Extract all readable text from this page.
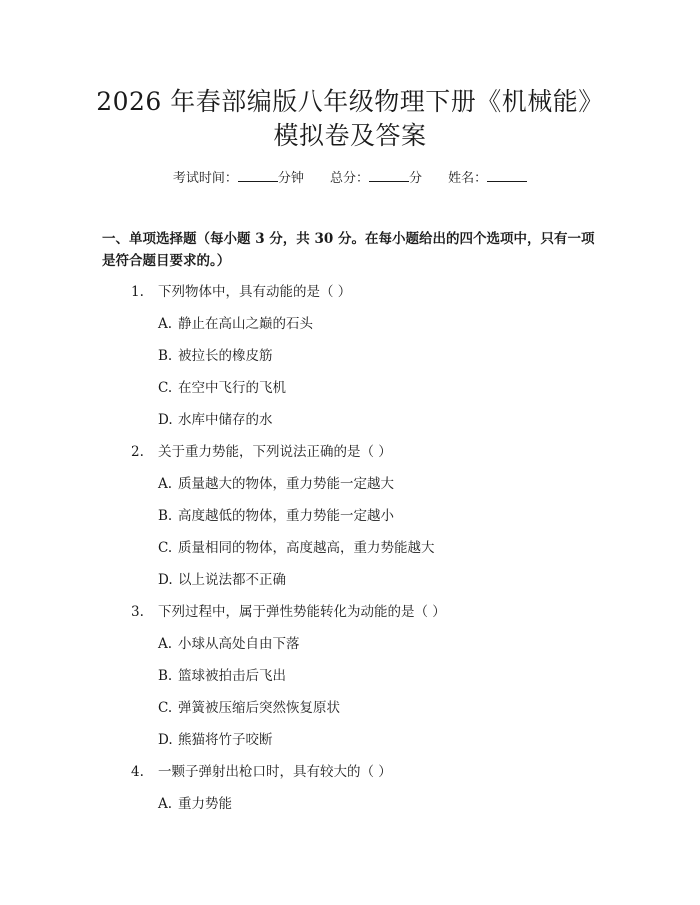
2026 年春部编版八年级物理下册《机械能》
模拟卷及答案
考试时间：	分钟 总分：	分 姓名：
一、单项选择题（每小题 3 分，共 30 分。在每小题给出的四个选项中，只有一项是符合题目要求的。）
1. 下列物体中，具有动能的是（ ）
A. 静止在高山之巅的石头
B. 被拉长的橡皮筋
C. 在空中飞行的飞机
D. 水库中储存的水
2. 关于重力势能，下列说法正确的是（ ）
A. 质量越大的物体，重力势能一定越大
B. 高度越低的物体，重力势能一定越小
C. 质量相同的物体，高度越高，重力势能越大
D. 以上说法都不正确
3. 下列过程中，属于弹性势能转化为动能的是（ ）
A. 小球从高处自由下落
B. 篮球被拍击后飞出
C. 弹簧被压缩后突然恢复原状
D. 熊猫将竹子咬断
4. 一颗子弹射出枪口时，具有较大的（ ）
A. 重力势能
